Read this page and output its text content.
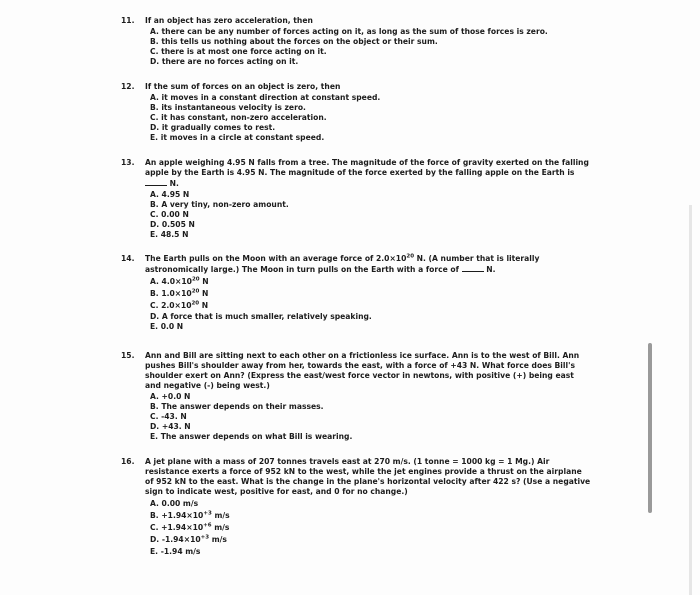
11. If an object has zero acceleration, then
A. there can be any number of forces acting on it, as long as the sum of those forces is zero.
B. this tells us nothing about the forces on the object or their sum.
C. there is at most one force acting on it.
D. there are no forces acting on it.
12. If the sum of forces on an object is zero, then
A. it moves in a constant direction at constant speed.
B. its instantaneous velocity is zero.
C. it has constant, non-zero acceleration.
D. it gradually comes to rest.
E. it moves in a circle at constant speed.
13. An apple weighing 4.95 N falls from a tree. The magnitude of the force of gravity exerted on the falling apple by the Earth is 4.95 N. The magnitude of the force exerted by the falling apple on the Earth is  N.
A. 4.95 N
B. A very tiny, non-zero amount.
C. 0.00 N
D. 0.505 N
E. 48.5 N
14. The Earth pulls on the Moon with an average force of $2.0\times 10^{20}$ N. (A number that is literally astronomically large.) The Moon in turn pulls on the Earth with a force of	N.
A. $4.0\times 10^{20}$ N
B. $1.0\times 10^{20}$ N
C. $2.0\times 10^{20}$ N
D. A force that is much smaller, relatively speaking.
E. 0.0 N
15. Ann and Bill are sitting next to each other on a frictionless ice surface. Ann is to the west of Bill. Ann pushes Bill's shoulder away from her, towards the east, with a force of +43 N. What force does Bill's shoulder exert on Ann? (Express the east/west force vector in newtons, with positive (+) being east and negative (-) being west.)
A. +0.0 N
B. The answer depends on their masses.
C. -43. N
D. +43. N
E. The answer depends on what Bill is wearing.
16. A jet plane with a mass of 207 tonnes travels east at 270 m/s. (1 tonne = 1000 kg = 1 Mg.) Air resistance exerts a force of 952 kN to the west, while the jet engines provide a thrust on the airplane of 952 kN to the east. What is the change in the plane's horizontal velocity after 422 s? (Use a negative sign to indicate west, positive for east, and 0 for no change.)
A. 0.00 m/s
B. $+1.94\times 10^{+3}$ m/s
C. $+1.94\times 10^{+6}$ m/s
D. $-1.94\times 10^{+3}$ m/s
E. -1.94 m/s
